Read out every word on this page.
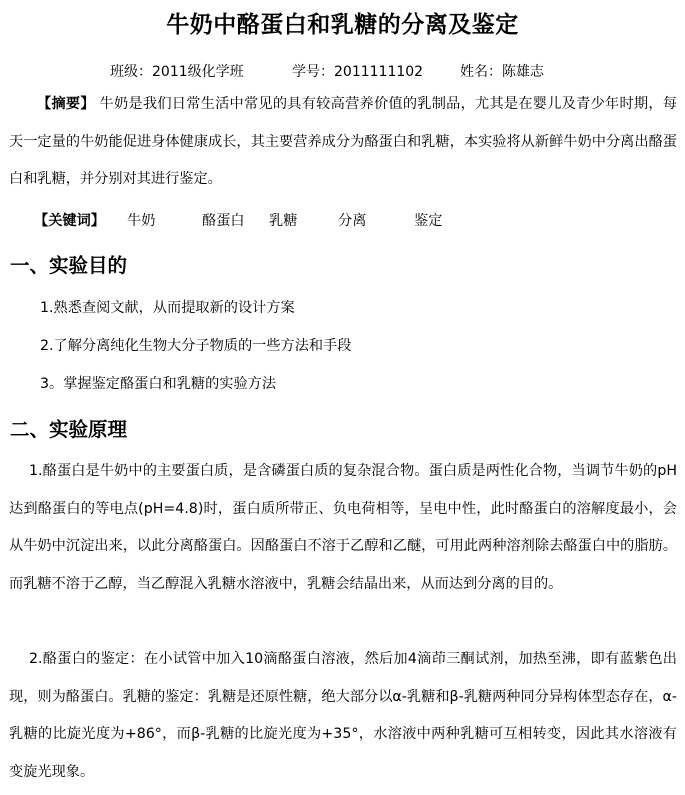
牛奶中酪蛋白和乳糖的分离及鉴定
班级：2011级化学班	学号：2011111102	姓名：陈雄志

【摘要】 牛奶是我们日常生活中常见的具有较高营养价值的乳制品，尤其是在婴儿及青少年时期，每天一定量的牛奶能促进身体健康成长，其主要营养成分为酪蛋白和乳糖，本实验将从新鲜牛奶中分离出酪蛋白和乳糖，并分别对其进行鉴定。

【关键词】 牛奶	酪蛋白 乳糖	分离	鉴定
一、实验目的
1.熟悉查阅文献，从而提取新的设计方案
2.了解分离纯化生物大分子物质的一些方法和手段
3。掌握鉴定酪蛋白和乳糖的实验方法
二、实验原理

1.酪蛋白是牛奶中的主要蛋白质，是含磷蛋白质的复杂混合物。蛋白质是两性化合物，当调节牛奶的pH达到酪蛋白的等电点(pH=4.8)时，蛋白质所带正、负电荷相等，呈电中性，此时酪蛋白的溶解度最小，会从牛奶中沉淀出来，以此分离酪蛋白。因酪蛋白不溶于乙醇和乙醚，可用此两种溶剂除去酪蛋白中的脂肪。而乳糖不溶于乙醇，当乙醇混入乳糖水溶液中，乳糖会结晶出来，从而达到分离的目的。

2.酪蛋白的鉴定：在小试管中加入10滴酪蛋白溶液，然后加4滴茚三酮试剂，加热至沸，即有蓝紫色出现，则为酪蛋白。乳糖的鉴定：乳糖是还原性糖，绝大部分以α-乳糖和β-乳糖两种同分异构体型态存在，α-乳糖的比旋光度为+86°，而β-乳糖的比旋光度为+35°，水溶液中两种乳糖可互相转变，因此其水溶液有变旋光现象。
